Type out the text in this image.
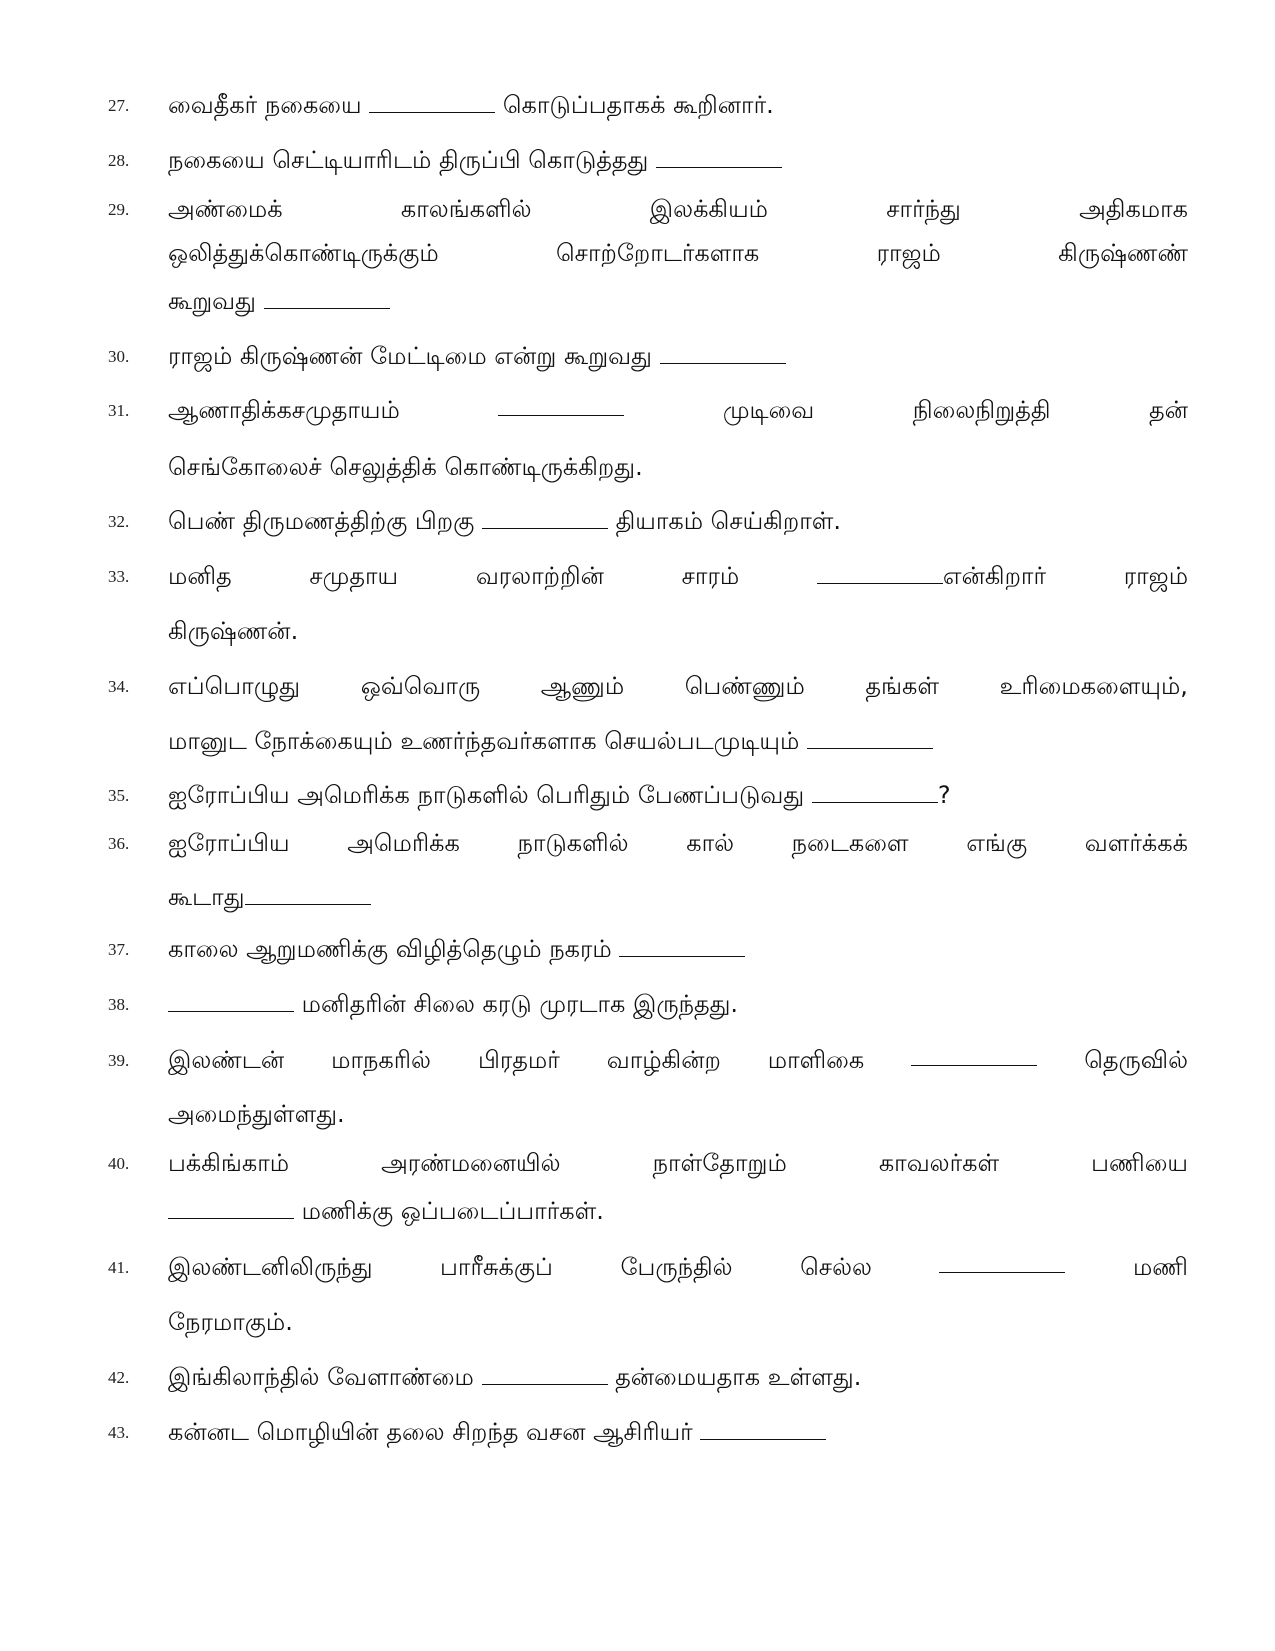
27.	வைதீகர் நகையை	கொடுப்பதாகக் கூறினார்.
28.	நகையை செட்டியாரிடம் திருப்பி கொடுத்தது
29.	அண்மைக்	காலங்களில்	இலக்கியம்	சார்ந்து	அதிகமாக
ஒலித்துக்கொண்டிருக்கும்	சொற்றோடர்களாக	ராஜம்	கிருஷ்ணண்
கூறுவது
30.	ராஜம் கிருஷ்ணன் மேட்டிமை என்று கூறுவது
31.	ஆணாதிக்கசமுதாயம்	முடிவை	நிலைநிறுத்தி	தன்
செங்கோலைச் செலுத்திக் கொண்டிருக்கிறது.
32.	பெண் திருமணத்திற்கு பிறகு	தியாகம் செய்கிறாள்.
33.	மனித	சமுதாய	வரலாற்றின்	சாரம்	என்கிறார்	ராஜம்
கிருஷ்ணன்.
34.	எப்பொழுது	ஒவ்வொரு	ஆணும்	பெண்ணும்	தங்கள்	உரிமைகளையும்,
மானுட நோக்கையும் உணர்ந்தவர்களாக செயல்படமுடியும்
35.	ஐரோப்பிய அமெரிக்க நாடுகளில் பெரிதும் பேணப்படுவது	?
36.	ஐரோப்பிய அமெரிக்க நாடுகளில் கால் நடைகளை எங்கு வளர்க்கக்
கூடாது
37.	காலை ஆறுமணிக்கு விழித்தெழும் நகரம்
38.	மனிதரின் சிலை கரடு முரடாக இருந்தது.
39.	இலண்டன் மாநகரில் பிரதமர் வாழ்கின்ற மாளிகை	தெருவில்
அமைந்துள்ளது.
40.	பக்கிங்காம்	அரண்மனையில்	நாள்தோறும்	காவலர்கள்	பணியை
மணிக்கு ஒப்படைப்பார்கள்.
41.	இலண்டனிலிருந்து	பாரீசுக்குப்	பேருந்தில்	செல்ல	மணி
நேரமாகும்.
42.	இங்கிலாந்தில் வேளாண்மை	தன்மையதாக உள்ளது.
43.	கன்னட மொழியின் தலை சிறந்த வசன ஆசிரியர்
